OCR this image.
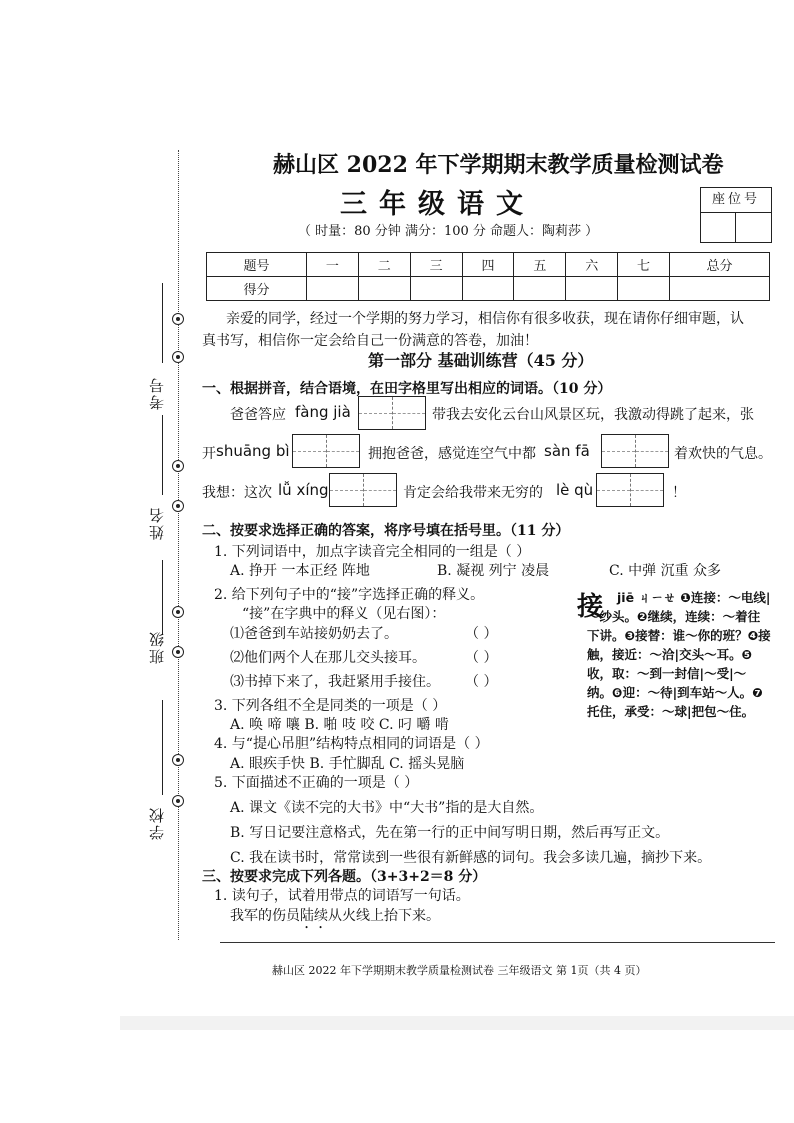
考号
姓名
班级
学校
赫山区 2022 年下学期期末教学质量检测试卷
三年级语文
（ 时量：80 分钟 满分：100 分 命题人：陶莉莎 ）
座位号
题号	一	二	三	四	五	六	七	总分
得分								
亲爱的同学，经过一个学期的努力学习，相信你有很多收获，现在请你仔细审题，认
真书写，相信你一定会给自己一份满意的答卷，加油！
第一部分 基础训练营（45 分）
一、根据拼音，结合语境，在田字格里写出相应的词语。（10 分）
爸爸答应 fàng jià	带我去安化云台山风景区玩，我激动得跳了起来，张
开 shuāng bì	拥抱爸爸，感觉连空气中都 sàn fā	着欢快的气息。
我想：这次 lǚ xíng	肯定会给我带来无穷的 lè qù	！
二、按要求选择正确的答案，将序号填在括号里。（11 分）
1. 下列词语中，加点字读音完全相同的一组是（ ）
A. 挣开 一本正经 阵地	B. 凝视 列宁 凌晨	C. 中弹 沉重 众多
2. 给下列句子中的“接”字选择正确的释义。
“接”在字典中的释义（见右图）：
⑴爸爸到车站接奶奶去了。	（ ）
⑵他们两个人在那儿交头接耳。	（ ）
⑶书掉下来了，我赶紧用手接住。 （ ）
接	jiē ㄐㄧㄝ ❶连接：～电线|～纱头。❷继续，连续：～着往下讲。❸接替：谁～你的班？❹接触，接近：～洽|交头～耳。❺收，取：～到一封信|～受|～纳。❻迎：～待|到车站～人。❼托住，承受：～球|把包～住。
3. 下列各组不全是同类的一项是（ ）
A. 唤 啼 嚷 B. 啪 吱 咬 C. 叼 嚼 啃
4. 与“提心吊胆”结构特点相同的词语是（ ）
A. 眼疾手快 B. 手忙脚乱 C. 摇头晃脑
5. 下面描述不正确的一项是（ ）
A. 课文《读不完的大书》中“大书”指的是大自然。
B. 写日记要注意格式，先在第一行的正中间写明日期，然后再写正文。
C. 我在读书时，常常读到一些很有新鲜感的词句。我会多读几遍，摘抄下来。
三、按要求完成下列各题。（3+3+2＝8 分）
1. 读句子，试着用带点的词语写一句话。
我军的伤员陆续从火线上抬下来。
赫山区 2022 年下学期期末教学质量检测试卷 三年级语文 第 1页（共 4 页）
